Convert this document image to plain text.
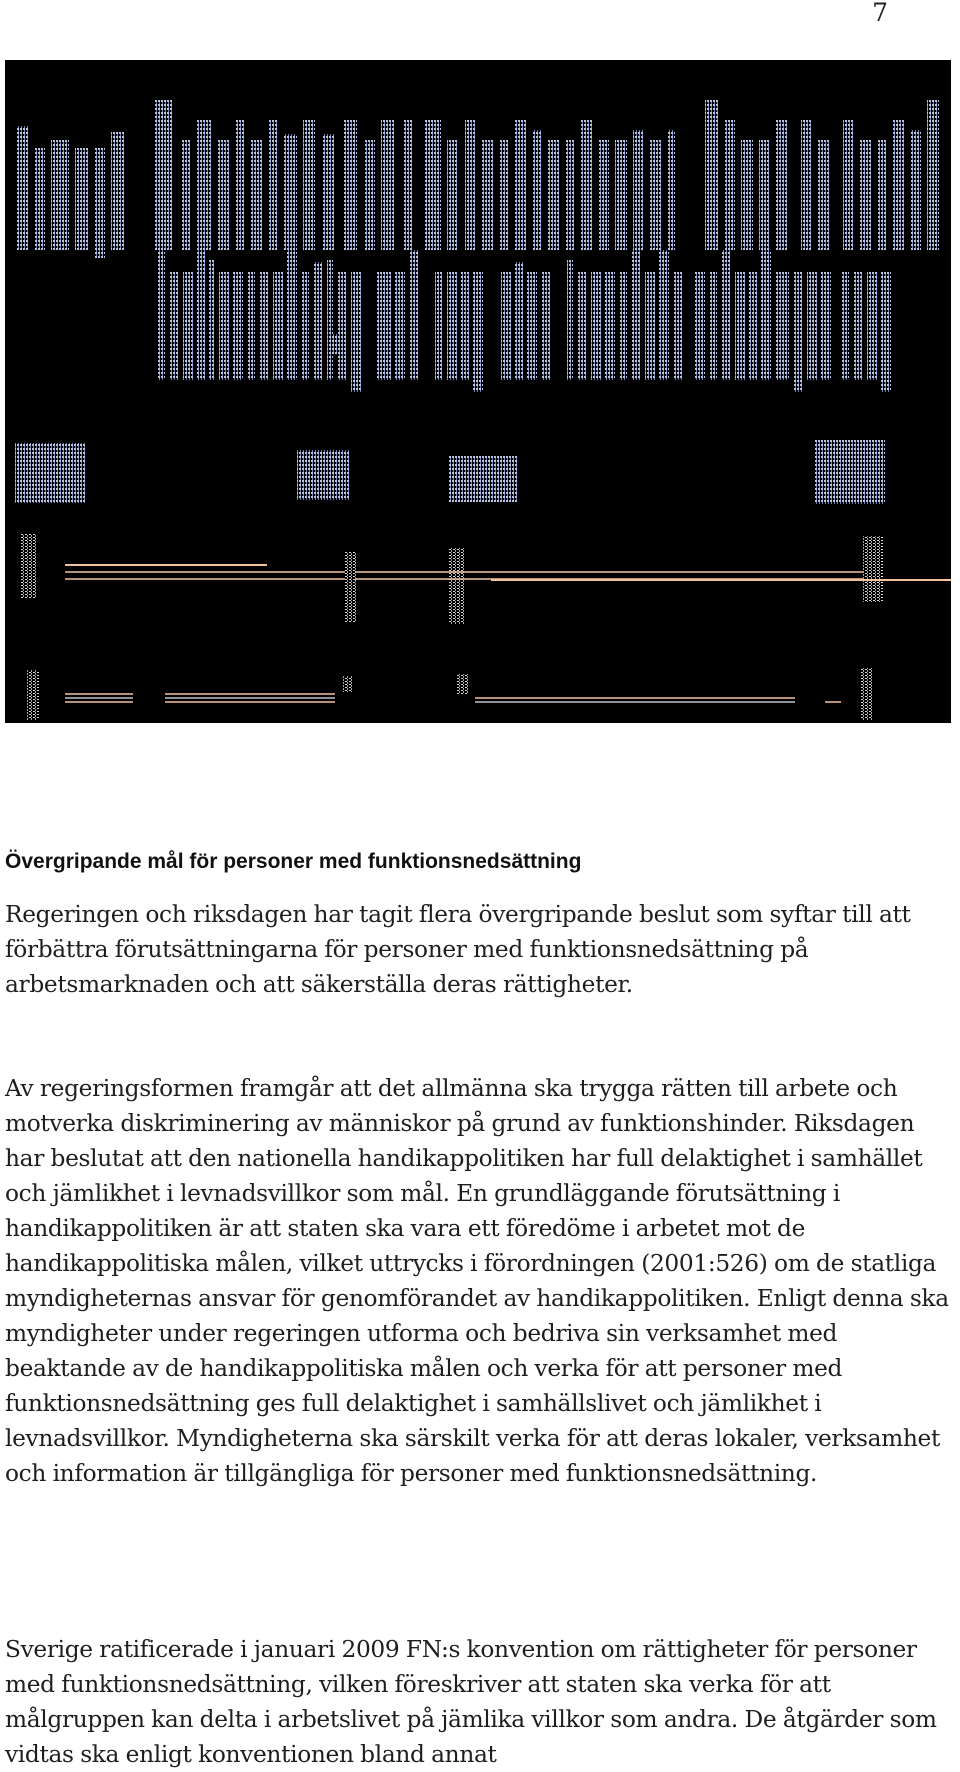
7
Övergripande mål för personer med funktionsnedsättning

Regeringen och riksdagen har tagit flera övergripande beslut som syftar till att förbättra förutsättningarna för personer med funktionsnedsättning på arbetsmarknaden och att säkerställa deras rättigheter.

Av regeringsformen framgår att det allmänna ska trygga rätten till arbete och motverka diskriminering av människor på grund av funktionshinder. Riksdagen har beslutat att den nationella handikappolitiken har full delaktighet i samhället och jämlikhet i levnadsvillkor som mål. En grundläggande förutsättning i handikappolitiken är att staten ska vara ett föredöme i arbetet mot de handikappolitiska målen, vilket uttrycks i förordningen (2001:526) om de statliga myndigheternas ansvar för genomförandet av handikappolitiken. Enligt denna ska myndigheter under regeringen utforma och bedriva sin verksamhet med beaktande av de handikappolitiska målen och verka för att personer med funktionsnedsättning ges full delaktighet i samhällslivet och jämlikhet i levnadsvillkor. Myndigheterna ska särskilt verka för att deras lokaler, verksamhet och information är tillgängliga för personer med funktionsnedsättning.

Sverige ratificerade i januari 2009 FN:s konvention om rättigheter för personer med funktionsnedsättning, vilken föreskriver att staten ska verka för att målgruppen kan delta i arbetslivet på jämlika villkor som andra. De åtgärder som vidtas ska enligt konventionen bland annat
